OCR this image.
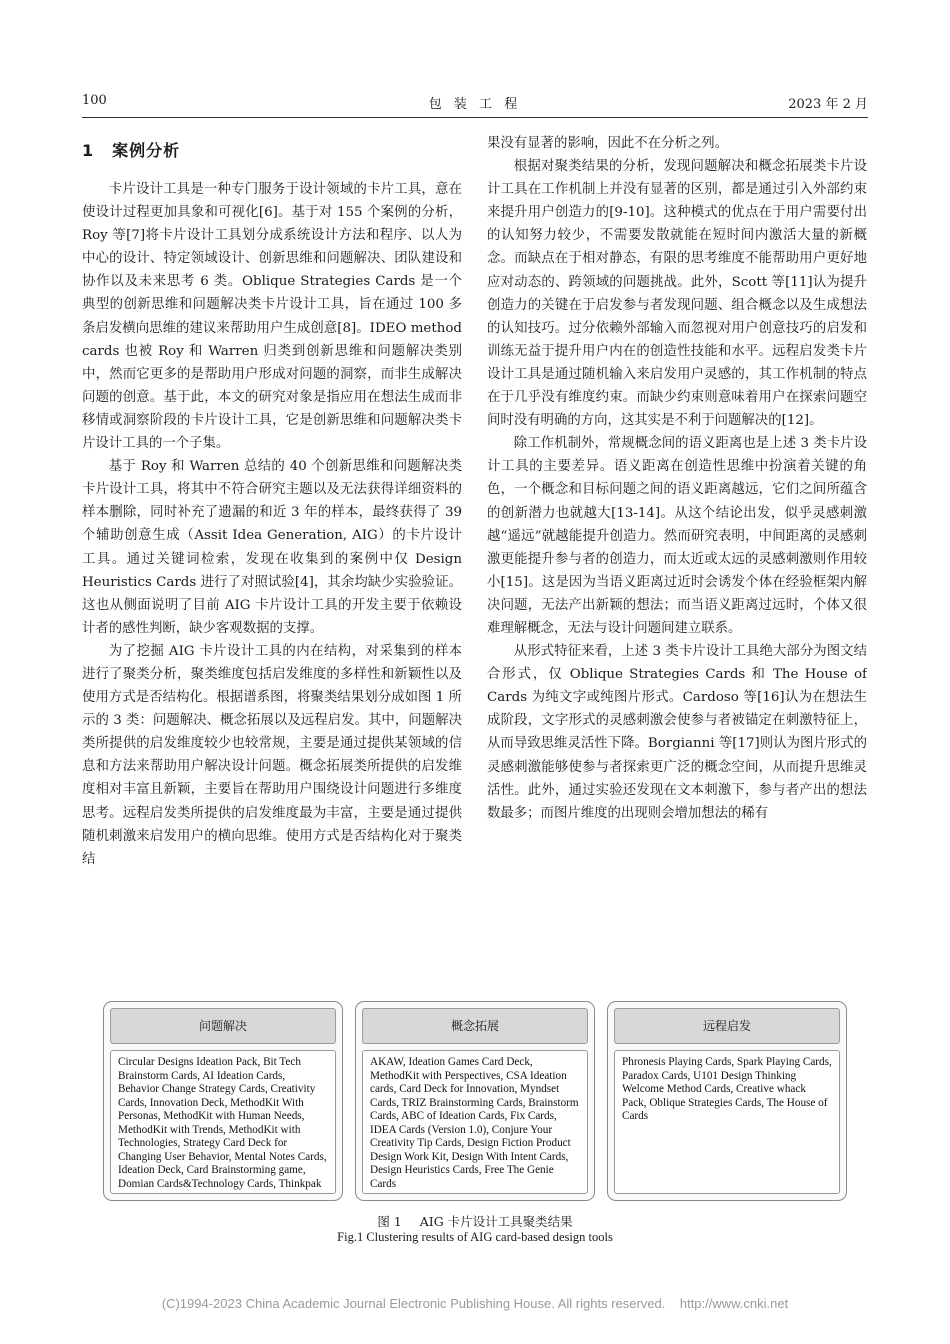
100	包 装 工 程	2023 年 2 月
1 案例分析

卡片设计工具是一种专门服务于设计领域的卡片工具，意在使设计过程更加具象和可视化[6]。基于对 155 个案例的分析，Roy 等[7]将卡片设计工具划分成系统设计方法和程序、以人为中心的设计、特定领域设计、创新思维和问题解决、团队建设和协作以及未来思考 6 类。Oblique Strategies Cards 是一个典型的创新思维和问题解决类卡片设计工具，旨在通过 100 多条启发横向思维的建议来帮助用户生成创意[8]。IDEO method cards 也被 Roy 和 Warren 归类到创新思维和问题解决类别中，然而它更多的是帮助用户形成对问题的洞察，而非生成解决问题的创意。基于此，本文的研究对象是指应用在想法生成而非移情或洞察阶段的卡片设计工具，它是创新思维和问题解决类卡片设计工具的一个子集。

基于 Roy 和 Warren 总结的 40 个创新思维和问题解决类卡片设计工具，将其中不符合研究主题以及无法获得详细资料的样本删除，同时补充了遗漏的和近 3 年的样本，最终获得了 39 个辅助创意生成（Assit Idea Generation, AIG）的卡片设计工具。通过关键词检索，发现在收集到的案例中仅 Design Heuristics Cards 进行了对照试验[4]，其余均缺少实验验证。这也从侧面说明了目前 AIG 卡片设计工具的开发主要于依赖设计者的感性判断，缺少客观数据的支撑。

为了挖掘 AIG 卡片设计工具的内在结构，对采集到的样本进行了聚类分析，聚类维度包括启发维度的多样性和新颖性以及使用方式是否结构化。根据谱系图，将聚类结果划分成如图 1 所示的 3 类：问题解决、概念拓展以及远程启发。其中，问题解决类所提供的启发维度较少也较常规，主要是通过提供某领域的信息和方法来帮助用户解决设计问题。概念拓展类所提供的启发维度相对丰富且新颖，主要旨在帮助用户围绕设计问题进行多维度思考。远程启发类所提供的启发维度最为丰富，主要是通过提供随机刺激来启发用户的横向思维。使用方式是否结构化对于聚类结

果没有显著的影响，因此不在分析之列。

根据对聚类结果的分析，发现问题解决和概念拓展类卡片设计工具在工作机制上并没有显著的区别，都是通过引入外部约束来提升用户创造力的[9-10]。这种模式的优点在于用户需要付出的认知努力较少，不需要发散就能在短时间内激活大量的新概念。而缺点在于相对静态，有限的思考维度不能帮助用户更好地应对动态的、跨领域的问题挑战。此外，Scott 等[11]认为提升创造力的关键在于启发参与者发现问题、组合概念以及生成想法的认知技巧。过分依赖外部输入而忽视对用户创意技巧的启发和训练无益于提升用户内在的创造性技能和水平。远程启发类卡片设计工具是通过随机输入来启发用户灵感的，其工作机制的特点在于几乎没有维度约束。而缺少约束则意味着用户在探索问题空间时没有明确的方向，这其实是不利于问题解决的[12]。

除工作机制外，常规概念间的语义距离也是上述 3 类卡片设计工具的主要差异。语义距离在创造性思维中扮演着关键的角色，一个概念和目标问题之间的语义距离越远，它们之间所蕴含的创新潜力也就越大[13-14]。从这个结论出发，似乎灵感刺激越“遥远”就越能提升创造力。然而研究表明，中间距离的灵感刺激更能提升参与者的创造力，而太近或太远的灵感刺激则作用较小[15]。这是因为当语义距离过近时会诱发个体在经验框架内解决问题，无法产出新颖的想法；而当语义距离过远时，个体又很难理解概念，无法与设计问题间建立联系。

从形式特征来看，上述 3 类卡片设计工具绝大部分为图文结合形式，仅 Oblique Strategies Cards 和 The House of Cards 为纯文字或纯图片形式。Cardoso 等[16]认为在想法生成阶段，文字形式的灵感刺激会使参与者被锚定在刺激特征上，从而导致思维灵活性下降。Borgianni 等[17]则认为图片形式的灵感刺激能够使参与者探索更广泛的概念空间，从而提升思维灵活性。此外，通过实验还发现在文本刺激下，参与者产出的想法数最多；而图片维度的出现则会增加想法的稀有

问题解决
Circular Designs Ideation Pack, Bit Tech Brainstorm Cards, AI Ideation Cards, Behavior Change Strategy Cards, Creativity Cards, Innovation Deck, MethodKit With Personas, MethodKit with Human Needs, MethodKit with Trends, MethodKit with Technologies, Strategy Card Deck for Changing User Behavior, Mental Notes Cards, Ideation Deck, Card Brainstorming game, Domian Cards&Technology Cards, Thinkpak
概念拓展
AKAW, Ideation Games Card Deck, MethodKit with Perspectives, CSA Ideation cards, Card Deck for Innovation, Myndset Cards, TRIZ Brainstorming Cards, Brainstorm Cards, ABC of Ideation Cards, Fix Cards, IDEA Cards (Version 1.0), Conjure Your Creativity Tip Cards, Design Fiction Product Design Work Kit, Design With Intent Cards, Design Heuristics Cards, Free The Genie Cards
远程启发
Phronesis Playing Cards, Spark Playing Cards, Paradox Cards, U101 Design Thinking Welcome Method Cards, Creative whack Pack, Oblique Strategies Cards, The House of Cards
图 1 AIG 卡片设计工具聚类结果
Fig.1 Clustering results of AIG card-based design tools
(C)1994-2023 China Academic Journal Electronic Publishing House. All rights reserved.    http://www.cnki.net
